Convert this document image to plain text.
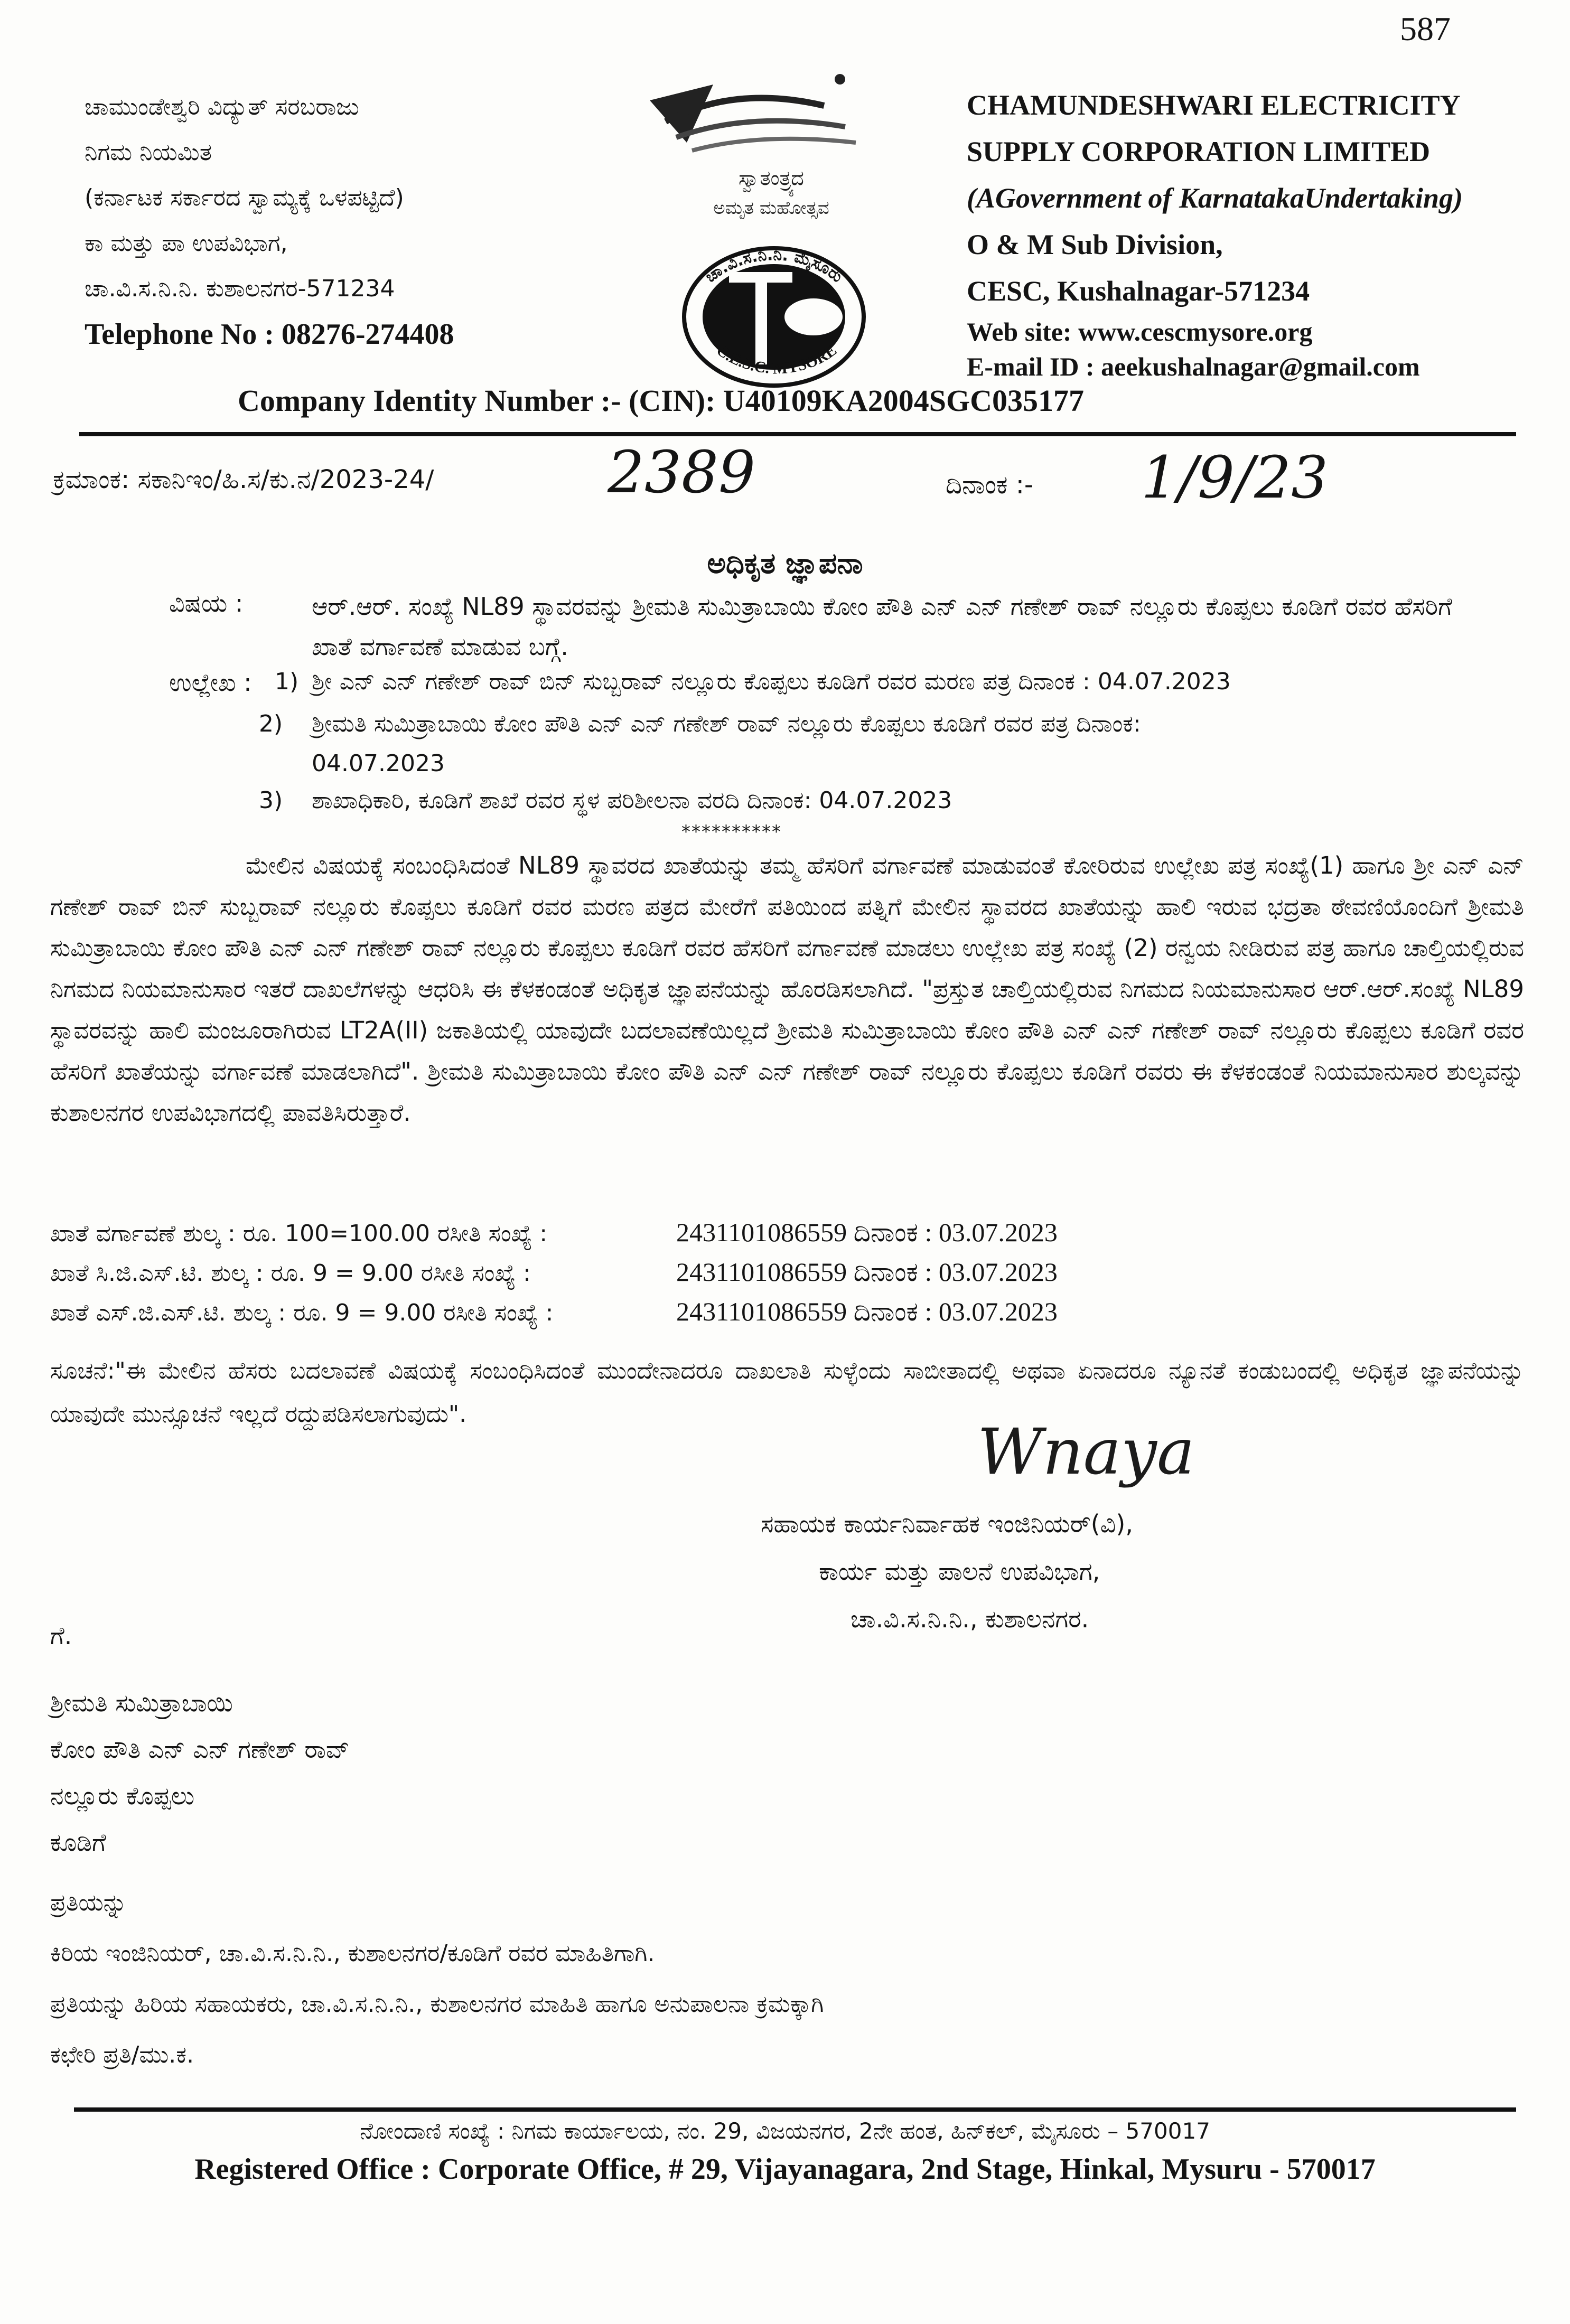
587
ಚಾಮುಂಡೇಶ್ವರಿ ವಿದ್ಯುತ್ ಸರಬರಾಜು
ನಿಗಮ ನಿಯಮಿತ
(ಕರ್ನಾಟಕ ಸರ್ಕಾರದ ಸ್ವಾಮ್ಯಕ್ಕೆ ಒಳಪಟ್ಟಿದೆ)
ಕಾ ಮತ್ತು ಪಾ ಉಪವಿಭಾಗ,
ಚಾ.ವಿ.ಸ.ನಿ.ನಿ. ಕುಶಾಲನಗರ-571234
Telephone No : 08276-274408
ಸ್ವಾತಂತ್ರ್ಯದ
ಅಮೃತ ಮಹೋತ್ಸವ
ಚಾ.ವಿ.ಸ.ನಿ.ನಿ. ಮೈಸೂರು
C.E.S.C. MYSORE
CHAMUNDESHWARI ELECTRICITY
SUPPLY CORPORATION LIMITED
(AGovernment of KarnatakaUndertaking)
O & M Sub Division,
CESC, Kushalnagar-571234
Web site: www.cescmysore.org
E-mail ID : aeekushalnagar@gmail.com
Company Identity Number :- (CIN): U40109KA2004SGC035177
ಕ್ರಮಾಂಕ: ಸಕಾನಿಇಂ/ಹಿ.ಸ/ಕು.ನ/2023-24/	2389	ದಿನಾಂಕ :- 1/9/23
ಅಧಿಕೃತ ಜ್ಞಾಪನಾ
ವಿಷಯ :	ಆರ್.ಆರ್. ಸಂಖ್ಯೆ NL89 ಸ್ಥಾವರವನ್ನು ಶ್ರೀಮತಿ ಸುಮಿತ್ರಾಬಾಯಿ ಕೋಂ ಪೌತಿ ಎನ್ ಎನ್ ಗಣೇಶ್ ರಾವ್ ನಲ್ಲೂರು ಕೊಪ್ಪಲು ಕೂಡಿಗೆ ರವರ ಹೆಸರಿಗೆ ಖಾತೆ ವರ್ಗಾವಣೆ ಮಾಡುವ ಬಗ್ಗೆ.
ಉಲ್ಲೇಖ : 1) ಶ್ರೀ ಎನ್ ಎನ್ ಗಣೇಶ್ ರಾವ್ ಬಿನ್ ಸುಬ್ಬರಾವ್ ನಲ್ಲೂರು ಕೊಪ್ಪಲು ಕೂಡಿಗೆ ರವರ ಮರಣ ಪತ್ರ ದಿನಾಂಕ : 04.07.2023
2) ಶ್ರೀಮತಿ ಸುಮಿತ್ರಾಬಾಯಿ ಕೋಂ ಪೌತಿ ಎನ್ ಎನ್ ಗಣೇಶ್ ರಾವ್ ನಲ್ಲೂರು ಕೊಪ್ಪಲು ಕೂಡಿಗೆ ರವರ ಪತ್ರ ದಿನಾಂಕ:
04.07.2023
3) ಶಾಖಾಧಿಕಾರಿ, ಕೂಡಿಗೆ ಶಾಖೆ ರವರ ಸ್ಥಳ ಪರಿಶೀಲನಾ ವರದಿ ದಿನಾಂಕ: 04.07.2023
**********
ಮೇಲಿನ ವಿಷಯಕ್ಕೆ ಸಂಬಂಧಿಸಿದಂತೆ NL89 ಸ್ಥಾವರದ ಖಾತೆಯನ್ನು ತಮ್ಮ ಹೆಸರಿಗೆ ವರ್ಗಾವಣೆ ಮಾಡುವಂತೆ ಕೋರಿರುವ ಉಲ್ಲೇಖ ಪತ್ರ ಸಂಖ್ಯೆ(1) ಹಾಗೂ ಶ್ರೀ ಎನ್ ಎನ್ ಗಣೇಶ್ ರಾವ್ ಬಿನ್ ಸುಬ್ಬರಾವ್ ನಲ್ಲೂರು ಕೊಪ್ಪಲು ಕೂಡಿಗೆ ರವರ ಮರಣ ಪತ್ರದ ಮೇರೆಗೆ ಪತಿಯಿಂದ ಪತ್ನಿಗೆ ಮೇಲಿನ ಸ್ಥಾವರದ ಖಾತೆಯನ್ನು ಹಾಲಿ ಇರುವ ಭದ್ರತಾ ಠೇವಣಿಯೊಂದಿಗೆ ಶ್ರೀಮತಿ ಸುಮಿತ್ರಾಬಾಯಿ ಕೋಂ ಪೌತಿ ಎನ್ ಎನ್ ಗಣೇಶ್ ರಾವ್ ನಲ್ಲೂರು ಕೊಪ್ಪಲು ಕೂಡಿಗೆ ರವರ ಹೆಸರಿಗೆ ವರ್ಗಾವಣೆ ಮಾಡಲು ಉಲ್ಲೇಖ ಪತ್ರ ಸಂಖ್ಯೆ (2) ರನ್ವಯ ನೀಡಿರುವ ಪತ್ರ ಹಾಗೂ ಚಾಲ್ತಿಯಲ್ಲಿರುವ ನಿಗಮದ ನಿಯಮಾನುಸಾರ ಇತರೆ ದಾಖಲೆಗಳನ್ನು ಆಧರಿಸಿ ಈ ಕೆಳಕಂಡಂತೆ ಅಧಿಕೃತ ಜ್ಞಾಪನೆಯನ್ನು ಹೊರಡಿಸಲಾಗಿದೆ. "ಪ್ರಸ್ತುತ ಚಾಲ್ತಿಯಲ್ಲಿರುವ ನಿಗಮದ ನಿಯಮಾನುಸಾರ ಆರ್.ಆರ್.ಸಂಖ್ಯೆ NL89 ಸ್ಥಾವರವನ್ನು ಹಾಲಿ ಮಂಜೂರಾಗಿರುವ LT2A(II) ಜಕಾತಿಯಲ್ಲಿ ಯಾವುದೇ ಬದಲಾವಣೆಯಿಲ್ಲದೆ ಶ್ರೀಮತಿ ಸುಮಿತ್ರಾಬಾಯಿ ಕೋಂ ಪೌತಿ ಎನ್ ಎನ್ ಗಣೇಶ್ ರಾವ್ ನಲ್ಲೂರು ಕೊಪ್ಪಲು ಕೂಡಿಗೆ ರವರ ಹೆಸರಿಗೆ ಖಾತೆಯನ್ನು ವರ್ಗಾವಣೆ ಮಾಡಲಾಗಿದೆ". ಶ್ರೀಮತಿ ಸುಮಿತ್ರಾಬಾಯಿ ಕೋಂ ಪೌತಿ ಎನ್ ಎನ್ ಗಣೇಶ್ ರಾವ್ ನಲ್ಲೂರು ಕೊಪ್ಪಲು ಕೂಡಿಗೆ ರವರು ಈ ಕೆಳಕಂಡಂತೆ ನಿಯಮಾನುಸಾರ ಶುಲ್ಕವನ್ನು ಕುಶಾಲನಗರ ಉಪವಿಭಾಗದಲ್ಲಿ ಪಾವತಿಸಿರುತ್ತಾರೆ.
ಖಾತೆ ವರ್ಗಾವಣೆ ಶುಲ್ಕ : ರೂ. 100=100.00 ರಸೀತಿ ಸಂಖ್ಯೆ :	2431101086559 ದಿನಾಂಕ : 03.07.2023
ಖಾತೆ ಸಿ.ಜಿ.ಎಸ್.ಟಿ. ಶುಲ್ಕ : ರೂ. 9 = 9.00 ರಸೀತಿ ಸಂಖ್ಯೆ :	2431101086559 ದಿನಾಂಕ : 03.07.2023
ಖಾತೆ ಎಸ್.ಜಿ.ಎಸ್.ಟಿ. ಶುಲ್ಕ : ರೂ. 9 = 9.00 ರಸೀತಿ ಸಂಖ್ಯೆ :	2431101086559 ದಿನಾಂಕ : 03.07.2023
ಸೂಚನೆ:"ಈ ಮೇಲಿನ ಹೆಸರು ಬದಲಾವಣೆ ವಿಷಯಕ್ಕೆ ಸಂಬಂಧಿಸಿದಂತೆ ಮುಂದೇನಾದರೂ ದಾಖಲಾತಿ ಸುಳ್ಳೆಂದು ಸಾಬೀತಾದಲ್ಲಿ ಅಥವಾ ಏನಾದರೂ ನ್ಯೂನತೆ ಕಂಡುಬಂದಲ್ಲಿ ಅಧಿಕೃತ ಜ್ಞಾಪನೆಯನ್ನು ಯಾವುದೇ ಮುನ್ಸೂಚನೆ ಇಲ್ಲದೆ ರದ್ದುಪಡಿಸಲಾಗುವುದು".
Wnaya
ಸಹಾಯಕ ಕಾರ್ಯನಿರ್ವಾಹಕ ಇಂಜಿನಿಯರ್(ವಿ),
ಕಾರ್ಯ ಮತ್ತು ಪಾಲನೆ ಉಪವಿಭಾಗ,
ಚಾ.ವಿ.ಸ.ನಿ.ನಿ., ಕುಶಾಲನಗರ.
ಗೆ.
ಶ್ರೀಮತಿ ಸುಮಿತ್ರಾಬಾಯಿ
ಕೋಂ ಪೌತಿ ಎನ್ ಎನ್ ಗಣೇಶ್ ರಾವ್
ನಲ್ಲೂರು ಕೊಪ್ಪಲು
ಕೂಡಿಗೆ
ಪ್ರತಿಯನ್ನು
ಕಿರಿಯ ಇಂಜಿನಿಯರ್, ಚಾ.ವಿ.ಸ.ನಿ.ನಿ., ಕುಶಾಲನಗರ/ಕೂಡಿಗೆ ರವರ ಮಾಹಿತಿಗಾಗಿ.
ಪ್ರತಿಯನ್ನು ಹಿರಿಯ ಸಹಾಯಕರು, ಚಾ.ವಿ.ಸ.ನಿ.ನಿ., ಕುಶಾಲನಗರ ಮಾಹಿತಿ ಹಾಗೂ ಅನುಪಾಲನಾ ಕ್ರಮಕ್ಕಾಗಿ
ಕಛೇರಿ ಪ್ರತಿ/ಮು.ಕ.
ನೋಂದಾಣಿ ಸಂಖ್ಯೆ : ನಿಗಮ ಕಾರ್ಯಾಲಯ, ನಂ. 29, ವಿಜಯನಗರ, 2ನೇ ಹಂತ, ಹಿನ್‌ಕಲ್, ಮೈಸೂರು – 570017
Registered Office : Corporate Office, # 29, Vijayanagara, 2nd Stage, Hinkal, Mysuru - 570017
